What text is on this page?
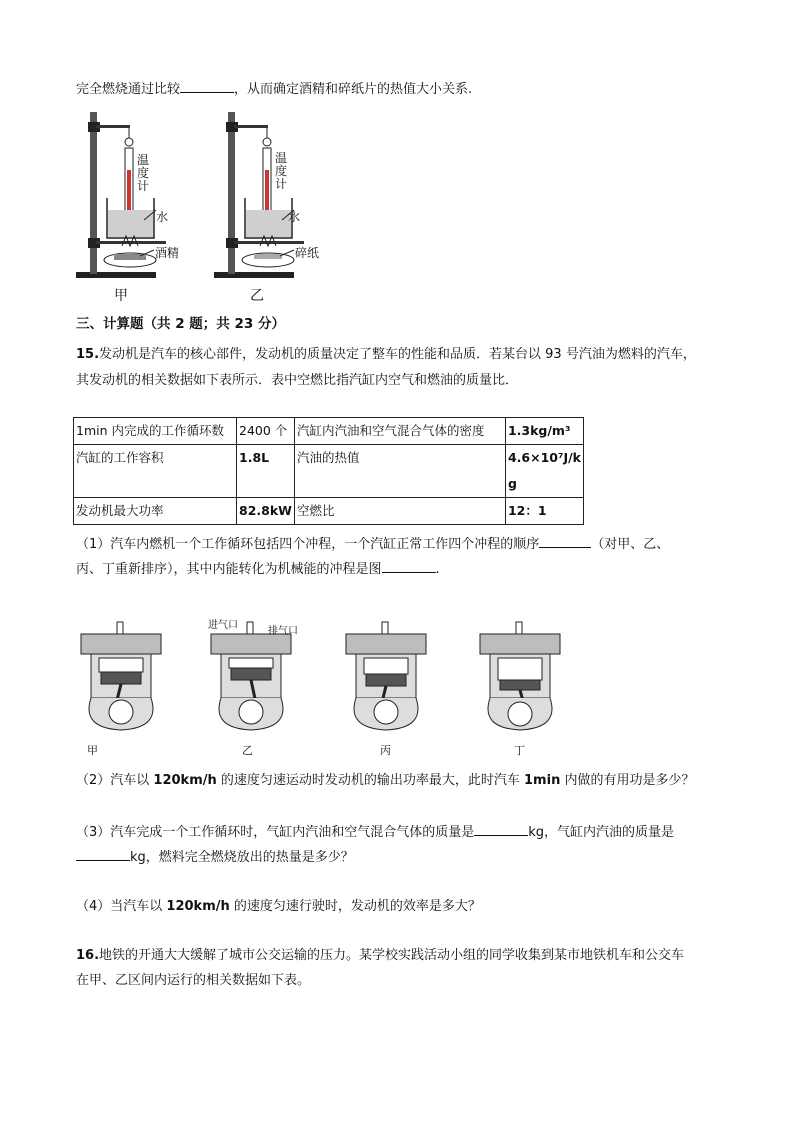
完全燃烧通过比较	，从而确定酒精和碎纸片的热值大小关系.
温度计
水
酒精
甲
温度计
水
碎纸
乙
三、计算题（共 2 题；共 23 分）
15.发动机是汽车的核心部件，发动机的质量决定了整车的性能和品质．若某台以 93 号汽油为燃料的汽车，
其发动机的相关数据如下表所示．表中空燃比指汽缸内空气和燃油的质量比．
1min 内完成的工作循环数	2400 个	汽缸内汽油和空气混合气体的密度	1.3kg/m³
汽缸的工作容积	1.8L	汽油的热值	4.6×10⁷J/k
g
发动机最大功率	82.8kW	空燃比	12：1
（1）汽车内燃机一个工作循环包括四个冲程，一个汽缸正常工作四个冲程的顺序	（对甲、乙、
丙、丁重新排序），其中内能转化为机械能的冲程是图	.
甲
进气口
排气口
乙	丙	丁
（2）汽车以 120km/h 的速度匀速运动时发动机的输出功率最大，此时汽车 1min 内做的有用功是多少？
（3）汽车完成一个工作循环时，气缸内汽油和空气混合气体的质量是	kg，气缸内汽油的质量是
kg，燃料完全燃烧放出的热量是多少？
（4）当汽车以 120km/h 的速度匀速行驶时，发动机的效率是多大？
16.地铁的开通大大缓解了城市公交运输的压力。某学校实践活动小组的同学收集到某市地铁机车和公交车
在甲、乙区间内运行的相关数据如下表。
